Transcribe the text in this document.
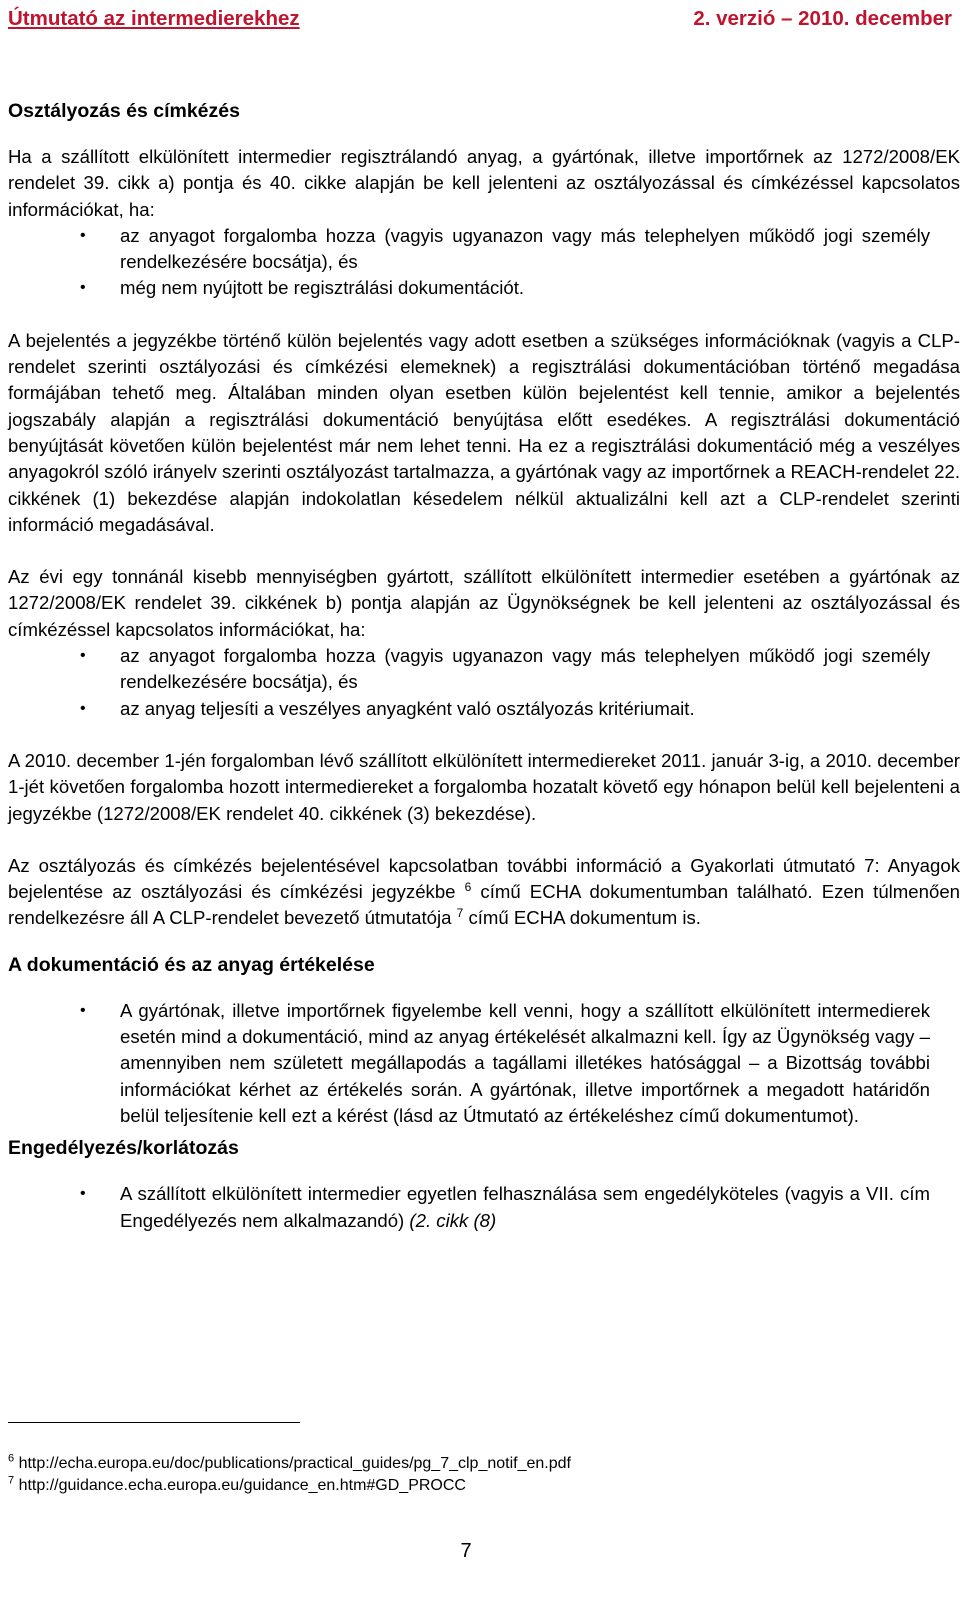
Útmutató az intermedierekhez	2. verzió – 2010. december
Osztályozás és címkézés

Ha a szállított elkülönített intermedier regisztrálandó anyag, a gyártónak, illetve importőrnek az 1272/2008/EK rendelet 39. cikk a) pontja és 40. cikke alapján be kell jelenteni az osztályozással és címkézéssel kapcsolatos információkat, ha:

• az anyagot forgalomba hozza (vagyis ugyanazon vagy más telephelyen működő jogi személy rendelkezésére bocsátja), és
• még nem nyújtott be regisztrálási dokumentációt.

A bejelentés a jegyzékbe történő külön bejelentés vagy adott esetben a szükséges információknak (vagyis a CLP-rendelet szerinti osztályozási és címkézési elemeknek) a regisztrálási dokumentációban történő megadása formájában tehető meg. Általában minden olyan esetben külön bejelentést kell tennie, amikor a bejelentés jogszabály alapján a regisztrálási dokumentáció benyújtása előtt esedékes. A regisztrálási dokumentáció benyújtását követően külön bejelentést már nem lehet tenni. Ha ez a regisztrálási dokumentáció még a veszélyes anyagokról szóló irányelv szerinti osztályozást tartalmazza, a gyártónak vagy az importőrnek a REACH-rendelet 22. cikkének (1) bekezdése alapján indokolatlan késedelem nélkül aktualizálni kell azt a CLP-rendelet szerinti információ megadásával.

Az évi egy tonnánál kisebb mennyiségben gyártott, szállított elkülönített intermedier esetében a gyártónak az 1272/2008/EK rendelet 39. cikkének b) pontja alapján az Ügynökségnek be kell jelenteni az osztályozással és címkézéssel kapcsolatos információkat, ha:

• az anyagot forgalomba hozza (vagyis ugyanazon vagy más telephelyen működő jogi személy rendelkezésére bocsátja), és
• az anyag teljesíti a veszélyes anyagként való osztályozás kritériumait.

A 2010. december 1-jén forgalomban lévő szállított elkülönített intermediereket 2011. január 3-ig, a 2010. december 1-jét követően forgalomba hozott intermediereket a forgalomba hozatalt követő egy hónapon belül kell bejelenteni a jegyzékbe (1272/2008/EK rendelet 40. cikkének (3) bekezdése).

Az osztályozás és címkézés bejelentésével kapcsolatban további információ a Gyakorlati útmutató 7: Anyagok bejelentése az osztályozási és címkézési jegyzékbe $^6$ című ECHA dokumentumban található. Ezen túlmenően rendelkezésre áll A CLP-rendelet bevezető útmutatója $^7$ című ECHA dokumentum is.

A dokumentáció és az anyag értékelése
• A gyártónak, illetve importőrnek figyelembe kell venni, hogy a szállított elkülönített intermedierek esetén mind a dokumentáció, mind az anyag értékelését alkalmazni kell. Így az Ügynökség vagy – amennyiben nem született megállapodás a tagállami illetékes hatósággal – a Bizottság további információkat kérhet az értékelés során. A gyártónak, illetve importőrnek a megadott határidőn belül teljesítenie kell ezt a kérést (lásd az Útmutató az értékeléshez című dokumentumot).
Engedélyezés/korlátozás
• A szállított elkülönített intermedier egyetlen felhasználása sem engedélyköteles (vagyis a VII. cím Engedélyezés nem alkalmazandó) (2. cikk (8)
$^6$ http://echa.europa.eu/doc/publications/practical_guides/pg_7_clp_notif_en.pdf
$^7$ http://guidance.echa.europa.eu/guidance_en.htm#GD_PROCC
7
